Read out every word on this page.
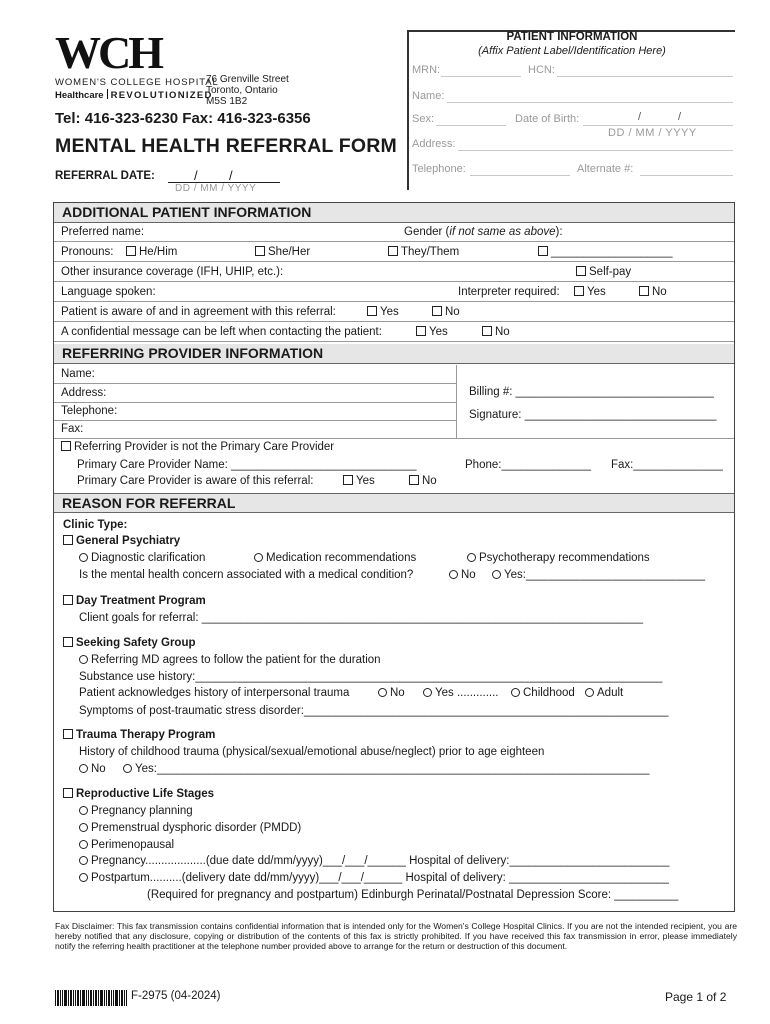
WCH
WOMEN'S COLLEGE HOSPITAL
Healthcare REVOLUTIONIZED
76 Grenville Street
Toronto, Ontario
M5S 1B2
Tel: 416-323-6230 Fax: 416-323-6356
MENTAL HEALTH REFERRAL FORM
REFERRAL DATE:	/ /
DD / MM / YYYY
PATIENT INFORMATION
(Affix Patient Label/Identification Here)
MRN:	HCN:
Name:
Sex:	Date of Birth:	/	/
DD / MM / YYYY
Address:
Telephone:	Alternate #:
ADDITIONAL PATIENT INFORMATION
Preferred name:	Gender (if not same as above):
Pronouns:	He/Him	She/Her	They/Them	___________________
Other insurance coverage (IFH, UHIP, etc.):	Self-pay
Language spoken:	Interpreter required:	Yes	No
Patient is aware of and in agreement with this referral:	Yes	No
A confidential message can be left when contacting the patient:	Yes	No
REFERRING PROVIDER INFORMATION
Name:
Address:
Telephone:
Fax:
Billing #: _______________________________
Signature: ______________________________
Referring Provider is not the Primary Care Provider
Primary Care Provider Name: _____________________________	Phone:______________ Fax:______________
Primary Care Provider is aware of this referral:	Yes	No
REASON FOR REFERRAL
Clinic Type:
General Psychiatry
Diagnostic clarification	Medication recommendations	Psychotherapy recommendations
Is the mental health concern associated with a medical condition?	No	Yes:____________________________
Day Treatment Program
Client goals for referral: _____________________________________________________________________
Seeking Safety Group
Referring MD agrees to follow the patient for the duration
Substance use history:_________________________________________________________________________
Patient acknowledges history of interpersonal trauma	No	Yes .............	Childhood	Adult
Symptoms of post-traumatic stress disorder:_________________________________________________________
Trauma Therapy Program
History of childhood trauma (physical/sexual/emotional abuse/neglect) prior to age eighteen
No	Yes:_____________________________________________________________________________
Reproductive Life Stages
Pregnancy planning
Premenstrual dysphoric disorder (PMDD)
Perimenopausal
Pregnancy...................(due date dd/mm/yyyy)___/___/______ Hospital of delivery:_________________________
Postpartum..........(delivery date dd/mm/yyyy)___/___/______ Hospital of delivery: _________________________
(Required for pregnancy and postpartum) Edinburgh Perinatal/Postnatal Depression Score: __________
Fax Disclaimer: This fax transmission contains confidential information that is intended only for the Women's College Hospital Clinics. If you are not the intended recipient, you are hereby notified that any disclosure, copying or distribution of the contents of this fax is strictly prohibited. If you have received this fax transmission in error, please immediately notify the referring health practitioner at the telephone number provided above to arrange for the return or destruction of this document.
F-2975 (04-2024)	Page 1 of 2
